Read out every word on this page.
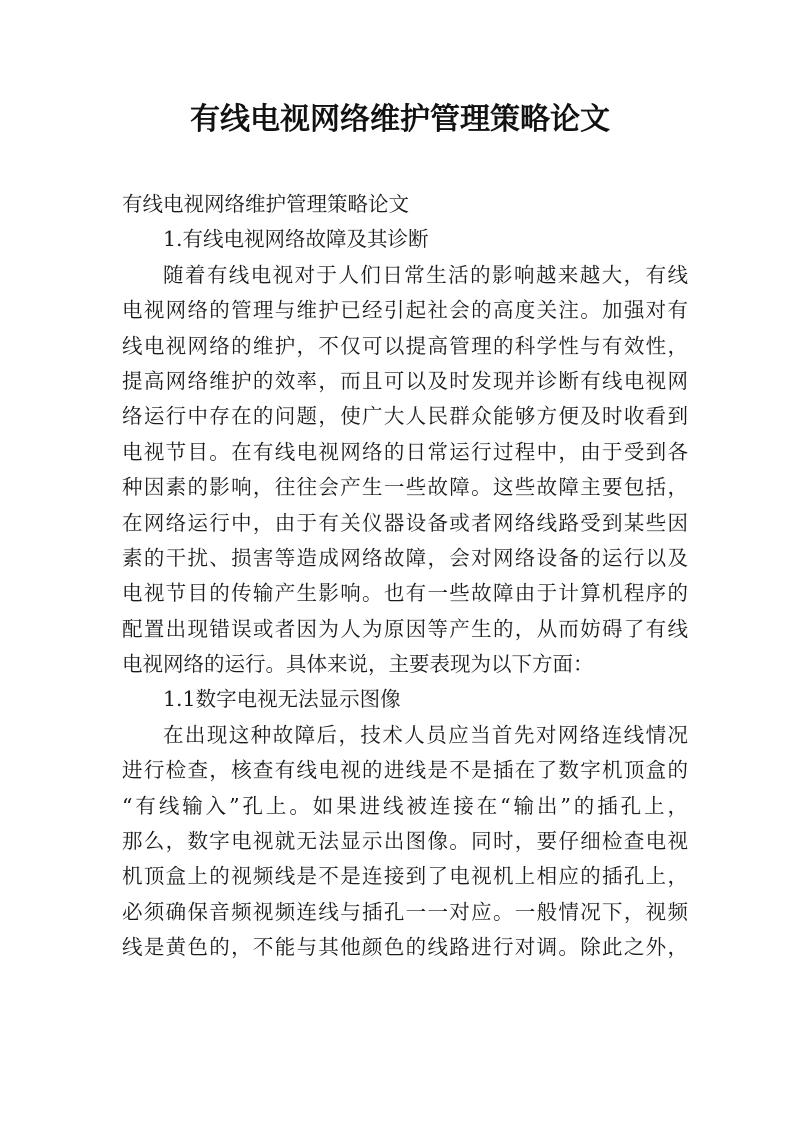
有线电视网络维护管理策略论文
有线电视网络维护管理策略论文
1.有线电视网络故障及其诊断
随着有线电视对于人们日常生活的影响越来越大，有线
电视网络的管理与维护已经引起社会的高度关注。加强对有
线电视网络的维护，不仅可以提高管理的科学性与有效性，
提高网络维护的效率，而且可以及时发现并诊断有线电视网
络运行中存在的问题，使广大人民群众能够方便及时收看到
电视节目。在有线电视网络的日常运行过程中，由于受到各
种因素的影响，往往会产生一些故障。这些故障主要包括，
在网络运行中，由于有关仪器设备或者网络线路受到某些因
素的干扰、损害等造成网络故障，会对网络设备的运行以及
电视节目的传输产生影响。也有一些故障由于计算机程序的
配置出现错误或者因为人为原因等产生的，从而妨碍了有线
电视网络的运行。具体来说，主要表现为以下方面：
1.1数字电视无法显示图像
在出现这种故障后，技术人员应当首先对网络连线情况
进行检查，核查有线电视的进线是不是插在了数字机顶盒的
“有线输入”孔上。如果进线被连接在“输出”的插孔上，
那么，数字电视就无法显示出图像。同时，要仔细检查电视
机顶盒上的视频线是不是连接到了电视机上相应的插孔上，
必须确保音频视频连线与插孔一一对应。一般情况下，视频
线是黄色的，不能与其他颜色的线路进行对调。除此之外，
